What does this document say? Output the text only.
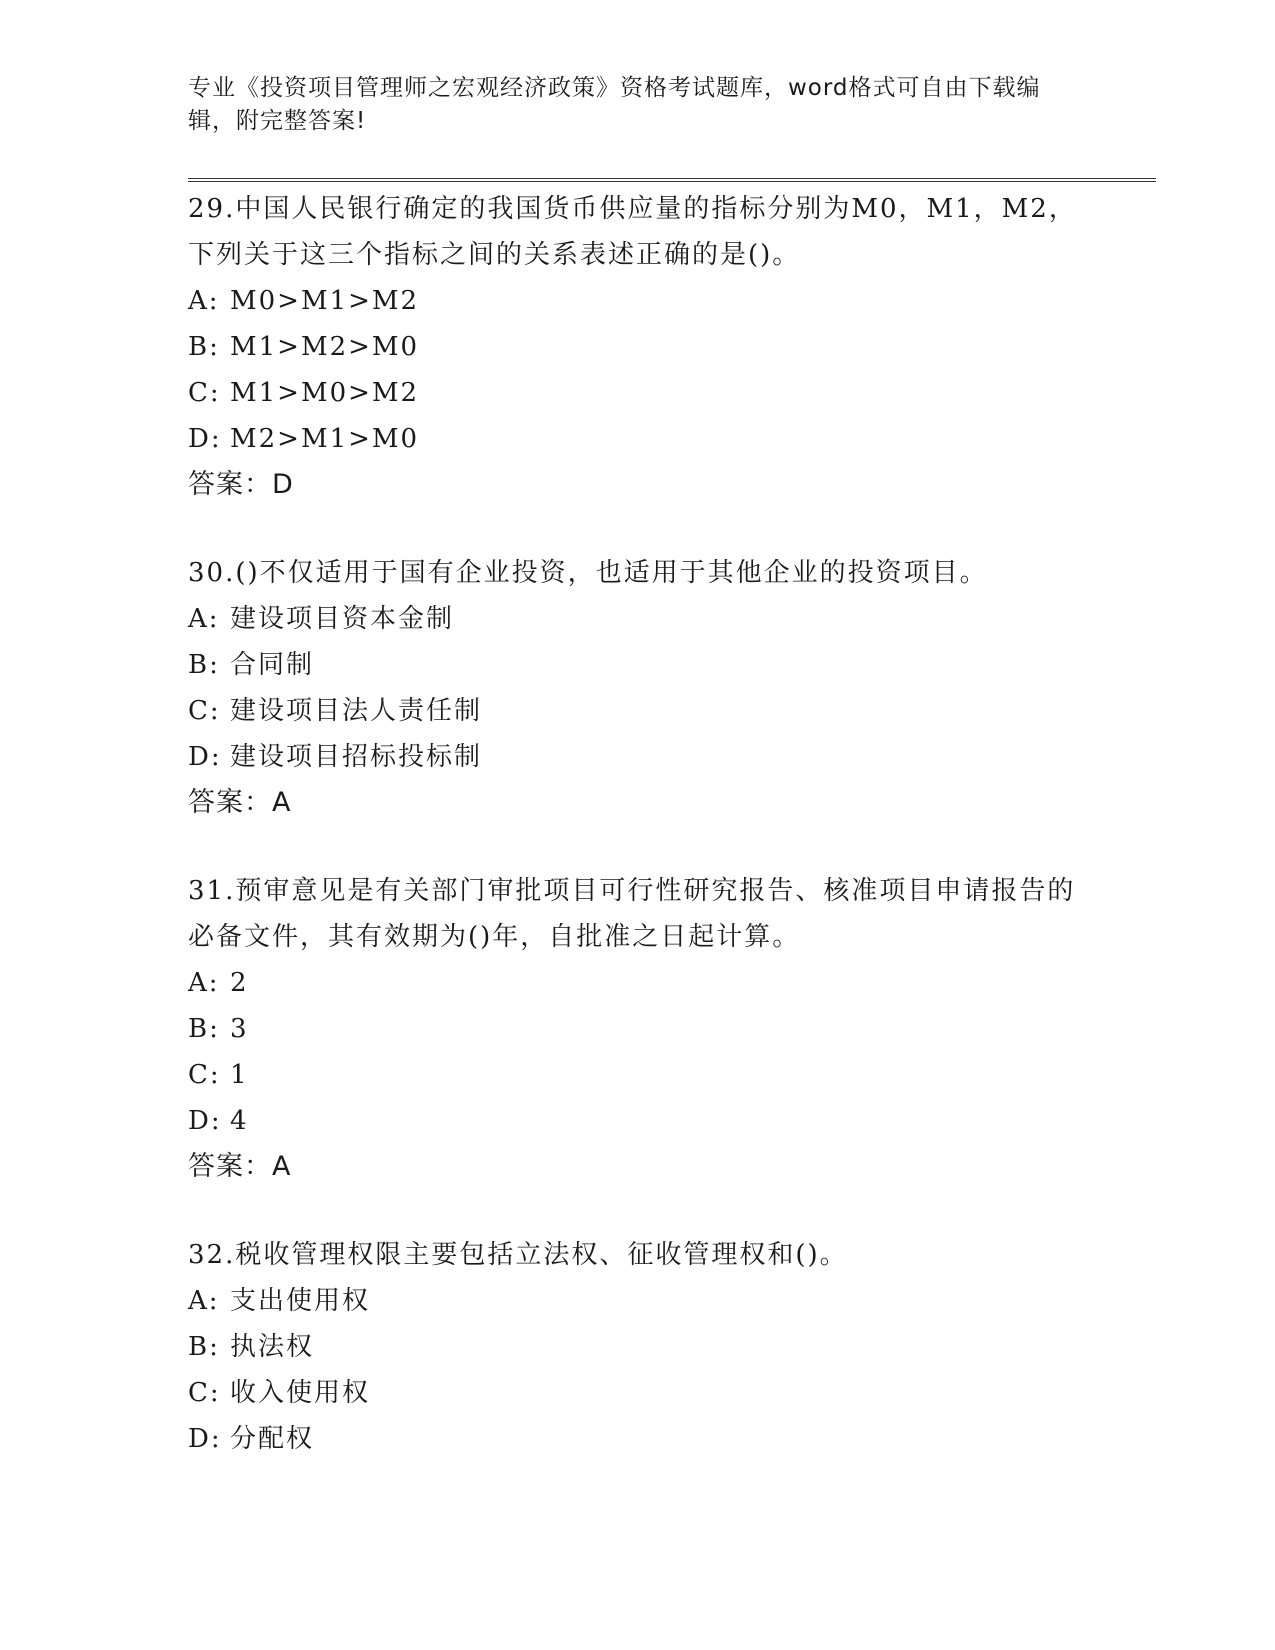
专业《投资项目管理师之宏观经济政策》资格考试题库，word格式可自由下载编辑，附完整答案!
29.中国人民银行确定的我国货币供应量的指标分别为M0，M1，M2，下列关于这三个指标之间的关系表述正确的是()。
A: M0>M1>M2
B: M1>M2>M0
C: M1>M0>M2
D: M2>M1>M0
答案：D
30.()不仅适用于国有企业投资，也适用于其他企业的投资项目。
A: 建设项目资本金制
B: 合同制
C: 建设项目法人责任制
D: 建设项目招标投标制
答案：A
31.预审意见是有关部门审批项目可行性研究报告、核准项目申请报告的必备文件，其有效期为()年，自批准之日起计算。
A: 2
B: 3
C: 1
D: 4
答案：A
32.税收管理权限主要包括立法权、征收管理权和()。
A: 支出使用权
B: 执法权
C: 收入使用权
D: 分配权
